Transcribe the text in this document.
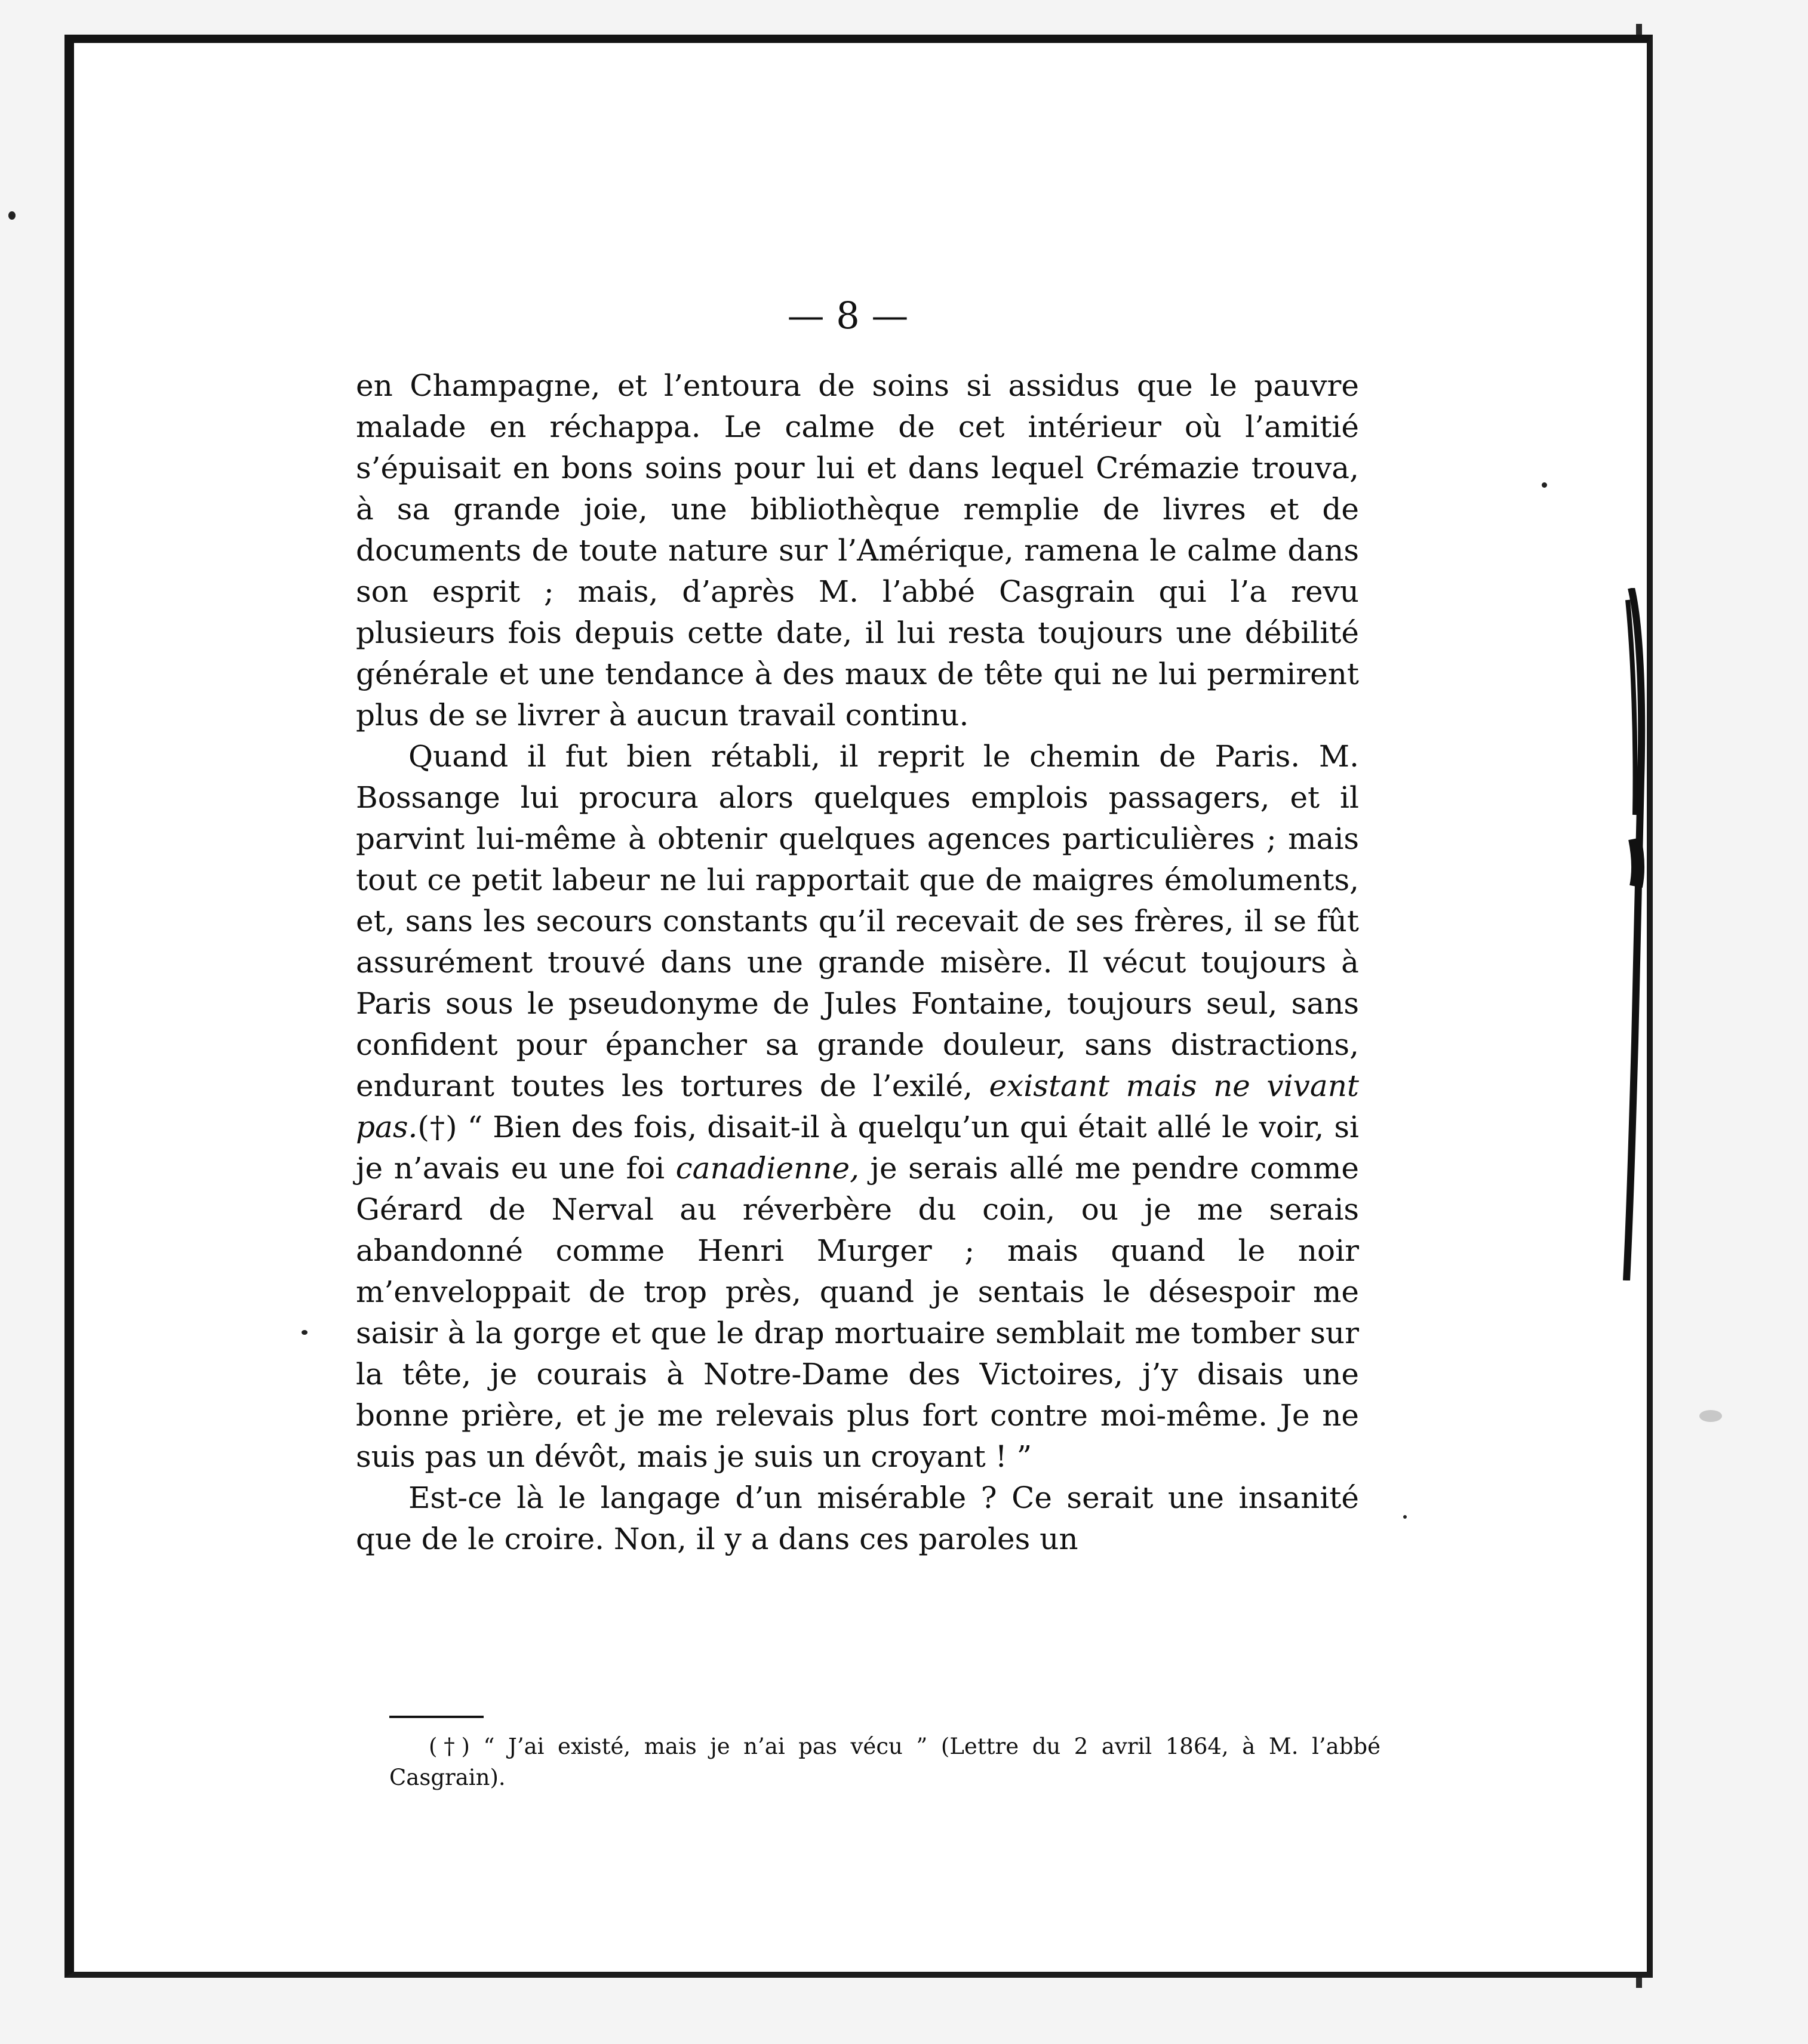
— 8 —

en Champagne, et l’entoura de soins si assidus que le pauvre malade en réchappa. Le calme de cet intérieur où l’amitié s’épuisait en bons soins pour lui et dans lequel Crémazie trouva, à sa grande joie, une bibliothèque remplie de livres et de documents de toute nature sur l’Amérique, ramena le calme dans son esprit ; mais, d’après M. l’abbé Casgrain qui l’a revu plusieurs fois depuis cette date, il lui resta toujours une débilité générale et une tendance à des maux de tête qui ne lui permirent plus de se livrer à aucun travail continu.

Quand il fut bien rétabli, il reprit le chemin de Paris. M. Bossange lui procura alors quelques emplois passagers, et il parvint lui-même à obtenir quelques agences particulières ; mais tout ce petit labeur ne lui rapportait que de maigres émoluments, et, sans les secours constants qu’il recevait de ses frères, il se fût assurément trouvé dans une grande misère. Il vécut toujours à Paris sous le pseudonyme de Jules Fontaine, toujours seul, sans confident pour épancher sa grande douleur, sans distractions, endurant toutes les tortures de l’exilé, existant mais ne vivant pas.(†) “ Bien des fois, disait-il à quelqu’un qui était allé le voir, si je n’avais eu une foi canadienne, je serais allé me pendre comme Gérard de Nerval au réverbère du coin, ou je me serais abandonné comme Henri Murger ; mais quand le noir m’enveloppait de trop près, quand je sentais le désespoir me saisir à la gorge et que le drap mortuaire semblait me tomber sur la tête, je courais à Notre-Dame des Victoires, j’y disais une bonne prière, et je me relevais plus fort contre moi-même. Je ne suis pas un dévôt, mais je suis un croyant ! ”

Est-ce là le langage d’un misérable ? Ce serait une insanité que de le croire. Non, il y a dans ces paroles un

(†) “ J’ai existé, mais je n’ai pas vécu ” (Lettre du 2 avril 1864, à M. l’abbé Casgrain).
